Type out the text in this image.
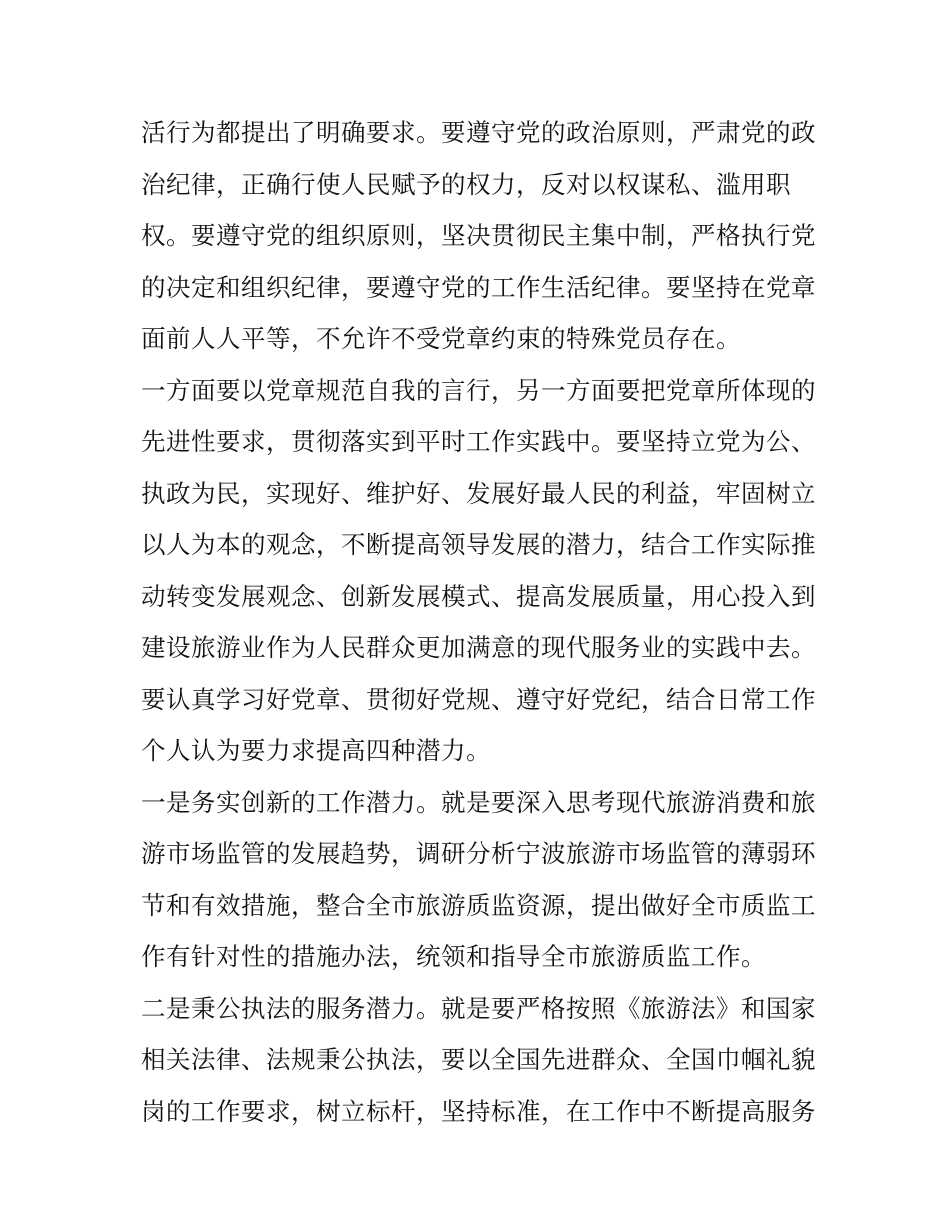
活行为都提出了明确要求。要遵守党的政治原则，严肃党的政
治纪律，正确行使人民赋予的权力，反对以权谋私、滥用职
权。要遵守党的组织原则，坚决贯彻民主集中制，严格执行党
的决定和组织纪律，要遵守党的工作生活纪律。要坚持在党章
面前人人平等，不允许不受党章约束的特殊党员存在。
一方面要以党章规范自我的言行，另一方面要把党章所体现的
先进性要求，贯彻落实到平时工作实践中。要坚持立党为公、
执政为民，实现好、维护好、发展好最人民的利益，牢固树立
以人为本的观念，不断提高领导发展的潜力，结合工作实际推
动转变发展观念、创新发展模式、提高发展质量，用心投入到
建设旅游业作为人民群众更加满意的现代服务业的实践中去。
要认真学习好党章、贯彻好党规、遵守好党纪，结合日常工作
个人认为要力求提高四种潜力。
一是务实创新的工作潜力。就是要深入思考现代旅游消费和旅
游市场监管的发展趋势，调研分析宁波旅游市场监管的薄弱环
节和有效措施，整合全市旅游质监资源，提出做好全市质监工
作有针对性的措施办法，统领和指导全市旅游质监工作。
二是秉公执法的服务潜力。就是要严格按照《旅游法》和国家
相关法律、法规秉公执法，要以全国先进群众、全国巾帼礼貌
岗的工作要求，树立标杆，坚持标准，在工作中不断提高服务
